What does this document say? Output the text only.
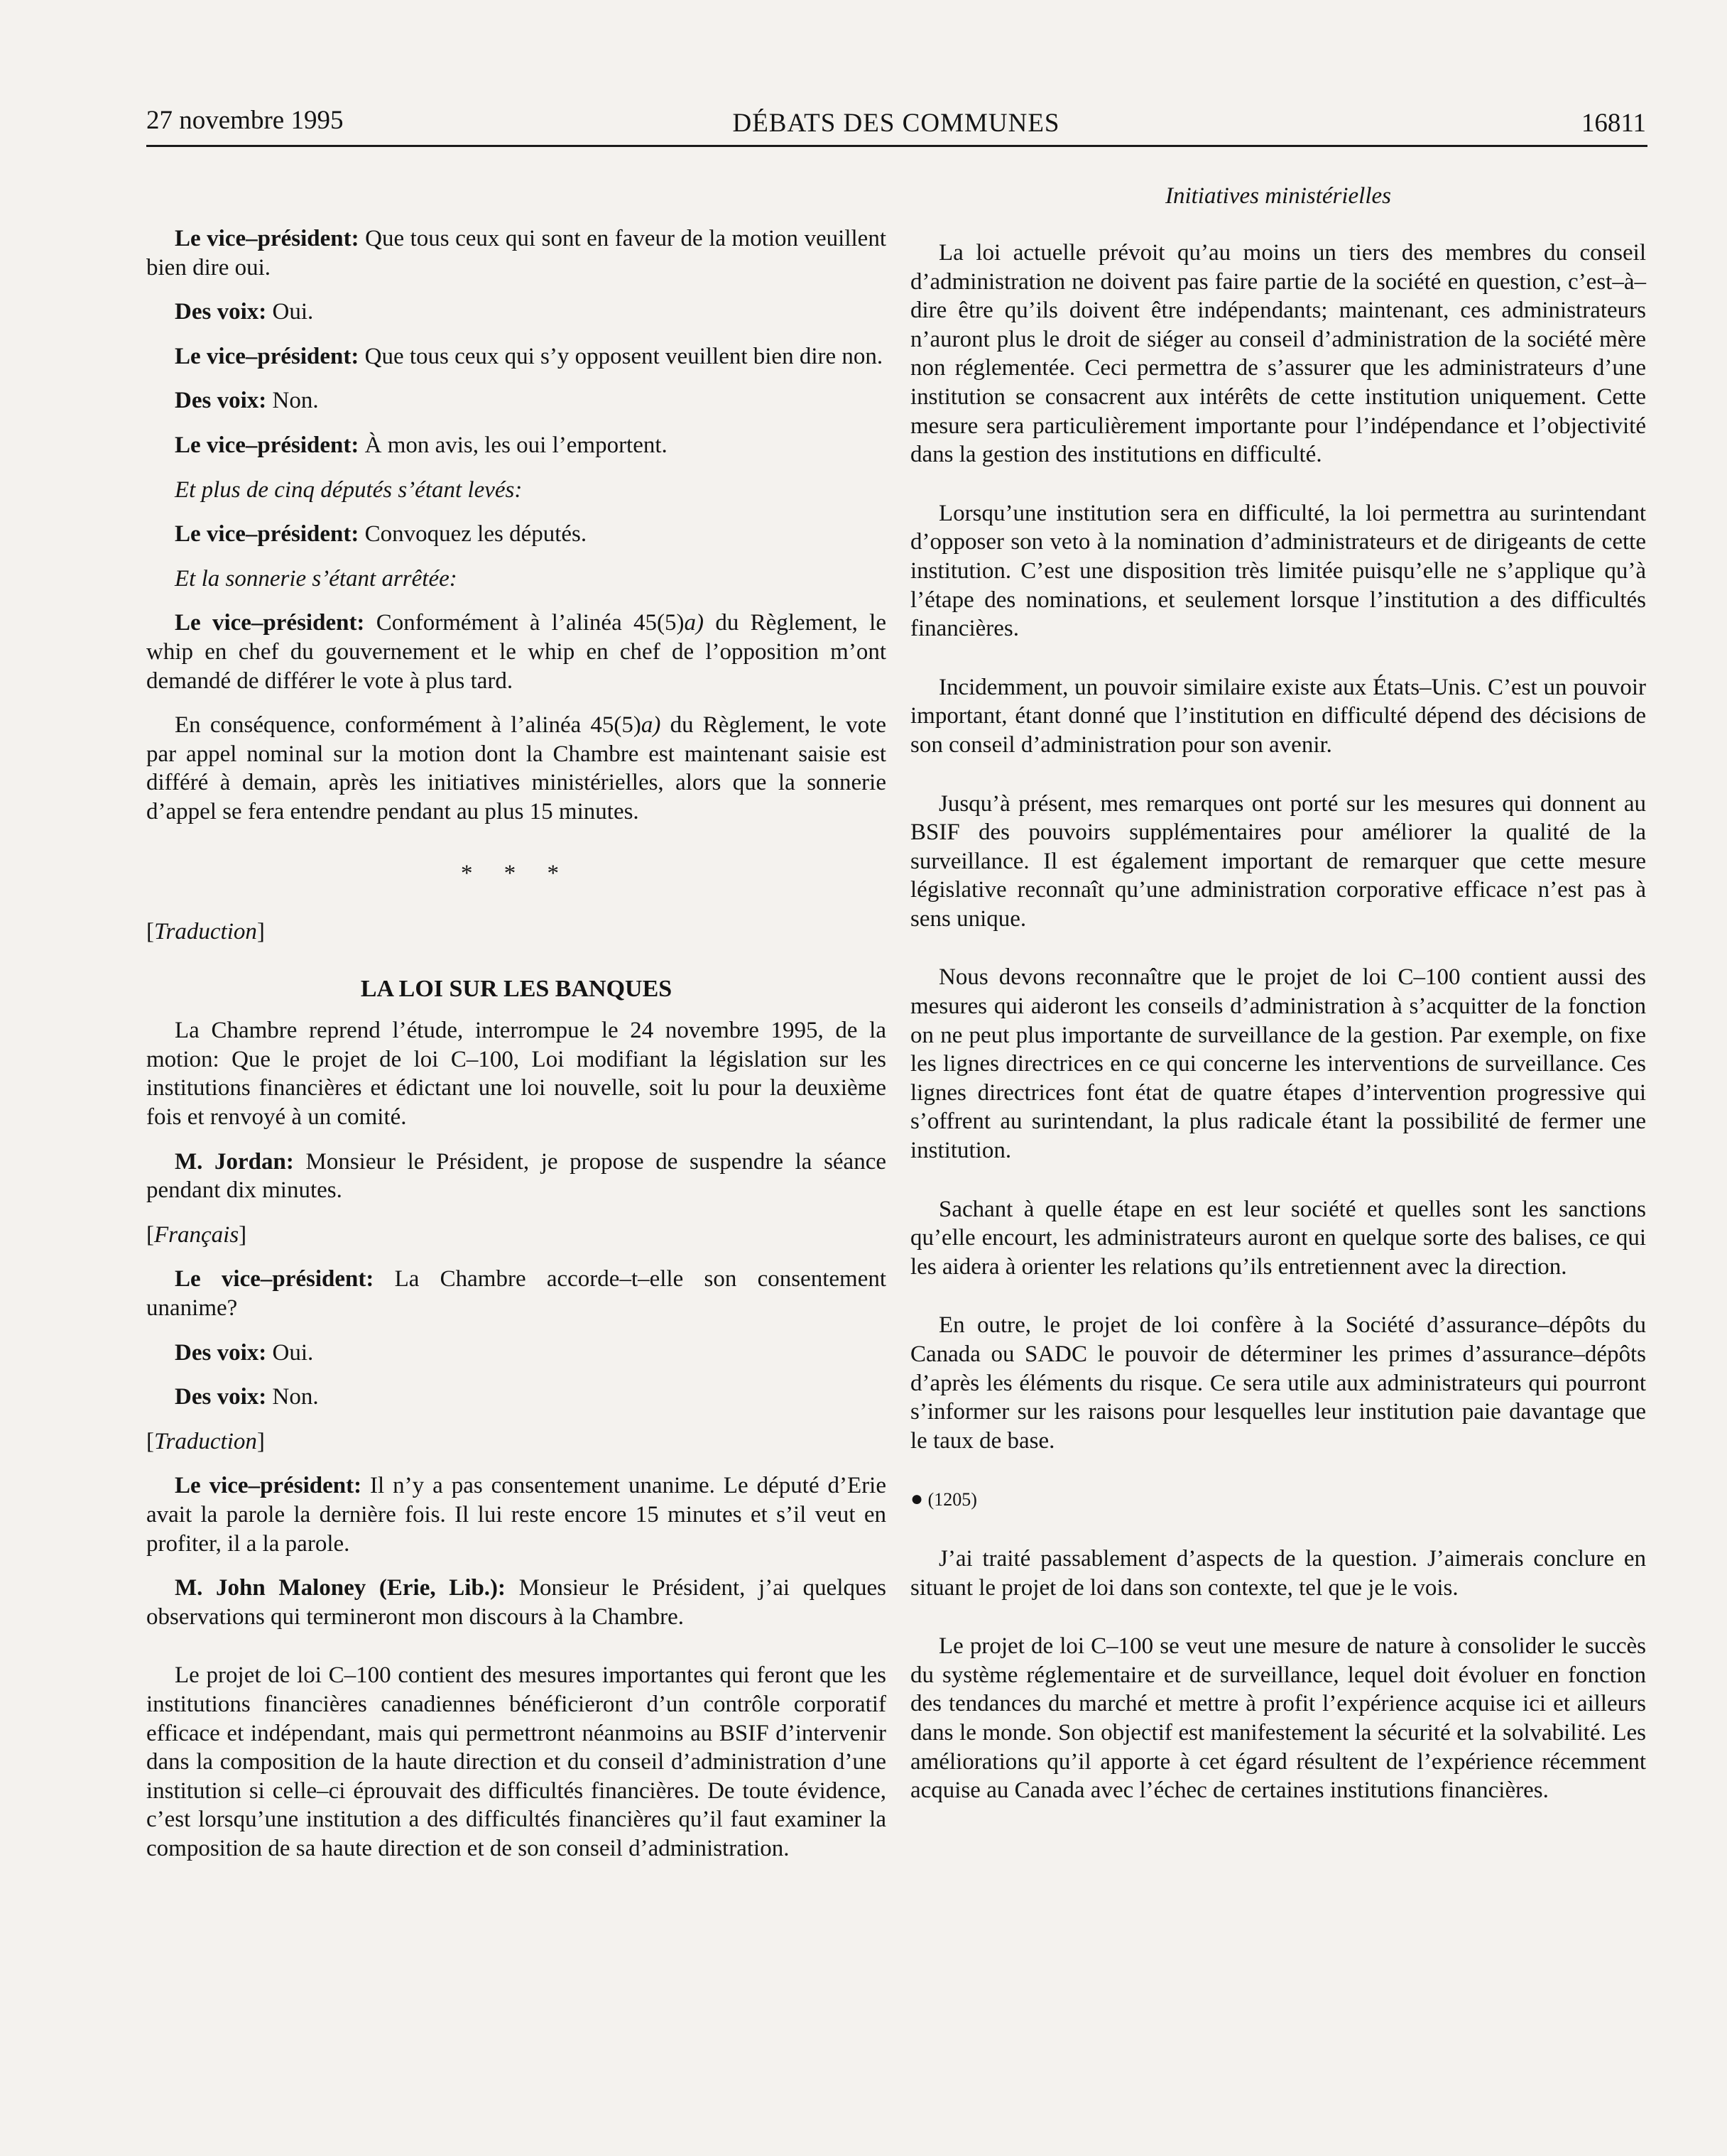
27 novembre 1995	DÉBATS DES COMMUNES	16811
Initiatives ministérielles

Le vice–président: Que tous ceux qui sont en faveur de la motion veuillent bien dire oui.

Des voix: Oui.

Le vice–président: Que tous ceux qui s’y opposent veuillent bien dire non.

Des voix: Non.

Le vice–président: À mon avis, les oui l’emportent.

Et plus de cinq députés s’étant levés:

Le vice–président: Convoquez les députés.

Et la sonnerie s’étant arrêtée:

Le vice–président: Conformément à l’alinéa 45(5)a) du Règlement, le whip en chef du gouvernement et le whip en chef de l’opposition m’ont demandé de différer le vote à plus tard.

En conséquence, conformément à l’alinéa 45(5)a) du Règlement, le vote par appel nominal sur la motion dont la Chambre est maintenant saisie est différé à demain, après les initiatives ministérielles, alors que la sonnerie d’appel se fera entendre pendant au plus 15 minutes.

* * *

[Traduction]

LA LOI SUR LES BANQUES

La Chambre reprend l’étude, interrompue le 24 novembre 1995, de la motion: Que le projet de loi C–100, Loi modifiant la législation sur les institutions financières et édictant une loi nouvelle, soit lu pour la deuxième fois et renvoyé à un comité.

M. Jordan: Monsieur le Président, je propose de suspendre la séance pendant dix minutes.

[Français]

Le vice–président: La Chambre accorde–t–elle son consentement unanime?

Des voix: Oui.

Des voix: Non.

[Traduction]

Le vice–président: Il n’y a pas consentement unanime. Le député d’Erie avait la parole la dernière fois. Il lui reste encore 15 minutes et s’il veut en profiter, il a la parole.

M. John Maloney (Erie, Lib.): Monsieur le Président, j’ai quelques observations qui termineront mon discours à la Chambre.

Le projet de loi C–100 contient des mesures importantes qui feront que les institutions financières canadiennes bénéficieront d’un contrôle corporatif efficace et indépendant, mais qui permettront néanmoins au BSIF d’intervenir dans la composition de la haute direction et du conseil d’administration d’une institution si celle–ci éprouvait des difficultés financières. De toute évidence, c’est lorsqu’une institution a des difficultés financières qu’il faut examiner la composition de sa haute direction et de son conseil d’administration.

La loi actuelle prévoit qu’au moins un tiers des membres du conseil d’administration ne doivent pas faire partie de la société en question, c’est–à–dire être qu’ils doivent être indépendants; maintenant, ces administrateurs n’auront plus le droit de siéger au conseil d’administration de la société mère non réglementée. Ceci permettra de s’assurer que les administrateurs d’une institution se consacrent aux intérêts de cette institution uniquement. Cette mesure sera particulièrement importante pour l’indépendance et l’objectivité dans la gestion des institutions en difficulté.

Lorsqu’une institution sera en difficulté, la loi permettra au surintendant d’opposer son veto à la nomination d’administrateurs et de dirigeants de cette institution. C’est une disposition très limitée puisqu’elle ne s’applique qu’à l’étape des nominations, et seulement lorsque l’institution a des difficultés financières.

Incidemment, un pouvoir similaire existe aux États–Unis. C’est un pouvoir important, étant donné que l’institution en difficulté dépend des décisions de son conseil d’administration pour son avenir.

Jusqu’à présent, mes remarques ont porté sur les mesures qui donnent au BSIF des pouvoirs supplémentaires pour améliorer la qualité de la surveillance. Il est également important de remarquer que cette mesure législative reconnaît qu’une administration corporative efficace n’est pas à sens unique.

Nous devons reconnaître que le projet de loi C–100 contient aussi des mesures qui aideront les conseils d’administration à s’acquitter de la fonction on ne peut plus importante de surveillance de la gestion. Par exemple, on fixe les lignes directrices en ce qui concerne les interventions de surveillance. Ces lignes directrices font état de quatre étapes d’intervention progressive qui s’offrent au surintendant, la plus radicale étant la possibilité de fermer une institution.

Sachant à quelle étape en est leur société et quelles sont les sanctions qu’elle encourt, les administrateurs auront en quelque sorte des balises, ce qui les aidera à orienter les relations qu’ils entretiennent avec la direction.

En outre, le projet de loi confère à la Société d’assurance–dépôts du Canada ou SADC le pouvoir de déterminer les primes d’assurance–dépôts d’après les éléments du risque. Ce sera utile aux administrateurs qui pourront s’informer sur les raisons pour lesquelles leur institution paie davantage que le taux de base.

● (1205)

J’ai traité passablement d’aspects de la question. J’aimerais conclure en situant le projet de loi dans son contexte, tel que je le vois.

Le projet de loi C–100 se veut une mesure de nature à consolider le succès du système réglementaire et de surveillance, lequel doit évoluer en fonction des tendances du marché et mettre à profit l’expérience acquise ici et ailleurs dans le monde. Son objectif est manifestement la sécurité et la solvabilité. Les améliorations qu’il apporte à cet égard résultent de l’expérience récemment acquise au Canada avec l’échec de certaines institutions financières.
